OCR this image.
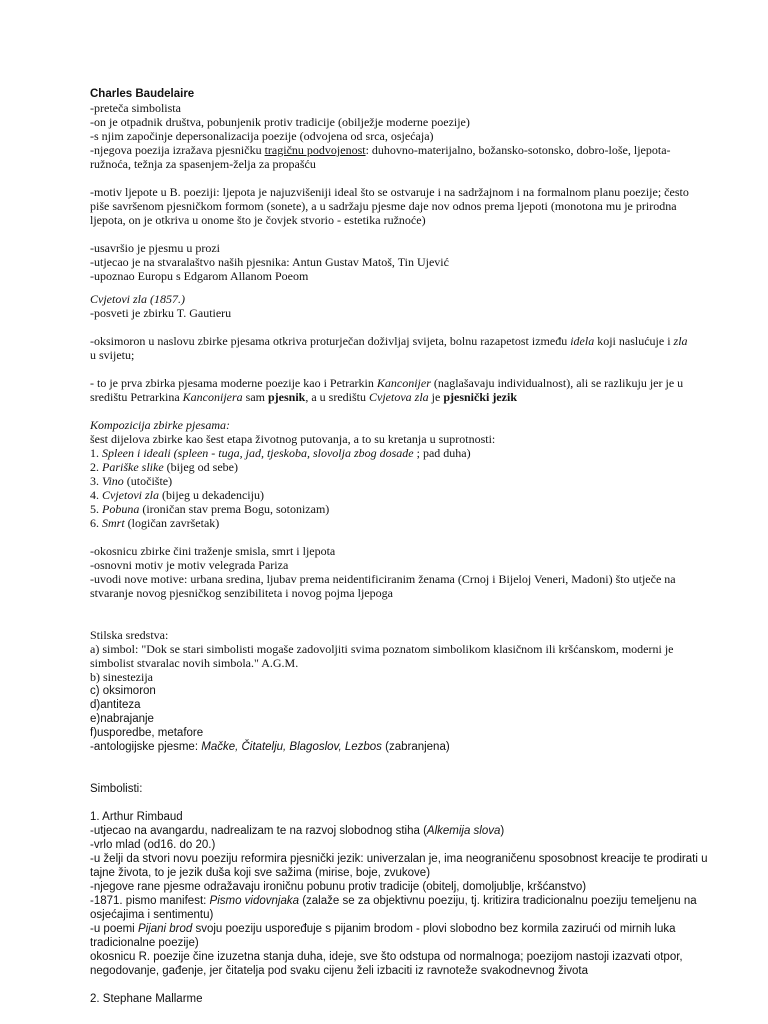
Charles Baudelaire
-preteča simbolista
-on je otpadnik društva, pobunjenik protiv tradicije (obilježje moderne poezije)
-s njim započinje depersonalizacija poezije (odvojena od srca, osjećaja)
-njegova poezija izražava pjesničku tragičnu podvojenost: duhovno-materijalno, božansko-sotonsko, dobro-loše, ljepota-
ružnoća, težnja za spasenjem-želja za propašću
-motiv ljepote u B. poeziji: ljepota je najuzvišeniji ideal što se ostvaruje i na sadržajnom i na formalnom planu poezije; često
piše savršenom pjesničkom formom (sonete), a u sadržaju pjesme daje nov odnos prema ljepoti (monotona mu je prirodna
ljepota, on je otkriva u onome što je čovjek stvorio - estetika ružnoće)
-usavršio je pjesmu u prozi
-utjecao je na stvaralaštvo naših pjesnika: Antun Gustav Matoš, Tin Ujević
-upoznao Europu s Edgarom Allanom Poeom
Cvjetovi zla (1857.)
-posveti je zbirku T. Gautieru
-oksimoron u naslovu zbirke pjesama otkriva proturječan doživljaj svijeta, bolnu razapetost između idela koji naslućuje i zla
u svijetu;
- to je prva zbirka pjesama moderne poezije kao i Petrarkin Kanconijer (naglašavaju individualnost), ali se razlikuju jer je u
središtu Petrarkina Kanconijera sam pjesnik, a u središtu Cvjetova zla je pjesnički jezik
Kompozicija zbirke pjesama:
šest dijelova zbirke kao šest etapa životnog putovanja, a to su kretanja u suprotnosti:
1. Spleen i ideali (spleen - tuga, jad, tjeskoba, slovolja zbog dosade ; pad duha)
2. Pariške slike (bijeg od sebe)
3. Vino (utočište)
4. Cvjetovi zla (bijeg u dekadenciju)
5. Pobuna (ironičan stav prema Bogu, sotonizam)
6. Smrt (logičan završetak)
-okosnicu zbirke čini traženje smisla, smrt i ljepota
-osnovni motiv je motiv velegrada Pariza
-uvodi nove motive: urbana sredina, ljubav prema neidentificiranim ženama (Crnoj i Bijeloj Veneri, Madoni) što utječe na
stvaranje novog pjesničkog senzibiliteta i novog pojma ljepoga
Stilska sredstva:
a) simbol: "Dok se stari simbolisti mogaše zadovoljiti svima poznatom simbolikom klasičnom ili kršćanskom, moderni je
simbolist stvaralac novih simbola." A.G.M.
b) sinestezija
c) oksimoron
d)antiteza
e)nabrajanje
f)usporedbe, metafore
-antologijske pjesme: Mačke, Čitatelju, Blagoslov, Lezbos (zabranjena)
Simbolisti:
1. Arthur Rimbaud
-utjecao na avangardu, nadrealizam te na razvoj slobodnog stiha (Alkemija slova)
-vrlo mlad (od16. do 20.)
-u želji da stvori novu poeziju reformira pjesnički jezik: univerzalan je, ima neograničenu sposobnost kreacije te prodirati u
tajne života, to je jezik duša koji sve sažima (mirise, boje, zvukove)
-njegove rane pjesme odražavaju ironičnu pobunu protiv tradicije (obitelj, domoljublje, kršćanstvo)
-1871. pismo manifest: Pismo vidovnjaka (zalaže se za objektivnu poeziju, tj. kritizira tradicionalnu poeziju temeljenu na
osjećajima i sentimentu)
-u poemi Pijani brod svoju poeziju uspoređuje s pijanim brodom - plovi slobodno bez kormila zazirući od mirnih luka
tradicionalne poezije)
okosnicu R. poezije čine izuzetna stanja duha, ideje, sve što odstupa od normalnoga; poezijom nastoji izazvati otpor,
negodovanje, gađenje, jer čitatelja pod svaku cijenu želi izbaciti iz ravnoteže svakodnevnog života
2. Stephane Mallarme
